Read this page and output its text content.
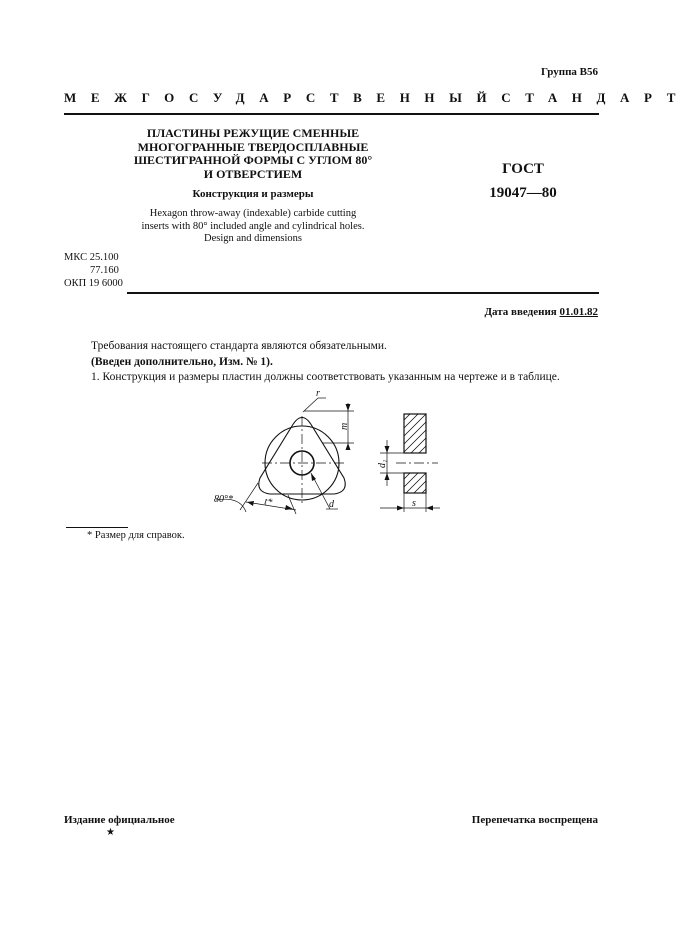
Группа В56
МЕЖГОСУДАРСТВЕННЫЙ СТАНДАРТ
ПЛАСТИНЫ РЕЖУЩИЕ СМЕННЫЕ
МНОГОГРАННЫЕ ТВЕРДОСПЛАВНЫЕ
ШЕСТИГРАННОЙ ФОРМЫ С УГЛОМ 80°
И ОТВЕРСТИЕМ
Конструкция и размеры
Hexagon throw-away (indexable) carbide cutting
inserts with 80° included angle and cylindrical holes.
Design and dimensions
ГОСТ
19047—80
МКС 25.100
77.160
ОКП 19 6000
Дата введения 01.01.82
Требования настоящего стандарта являются обязательными.
(Введен дополнительно, Изм. № 1).
1. Конструкция и размеры пластин должны соответствовать указанным на чертеже и в таблице.
r
m
d
d₁
s
t*
80°*
* Размер для справок.
Издание официальное
★
Перепечатка воспрещена
